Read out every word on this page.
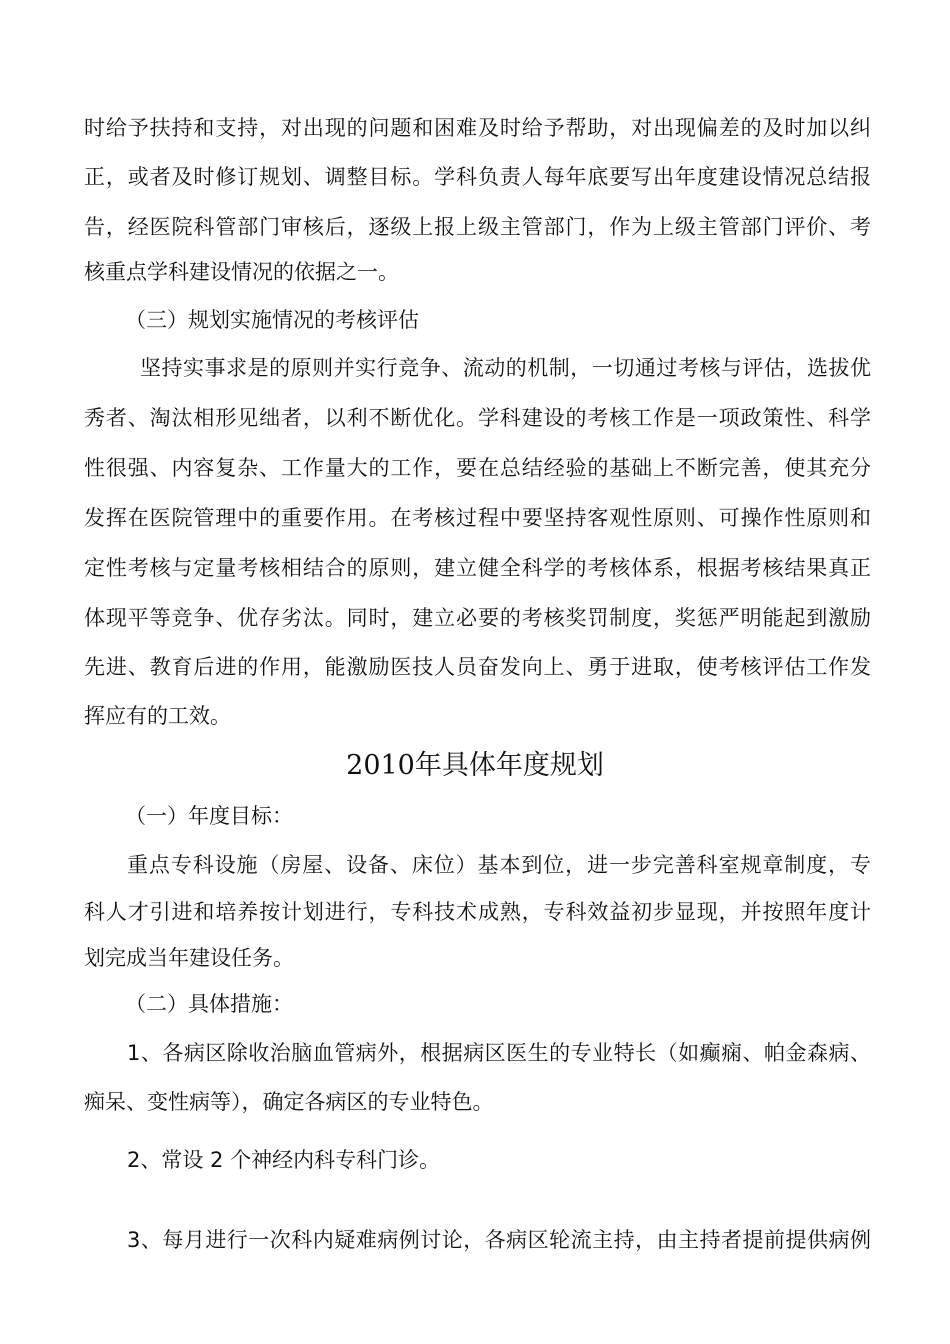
时给予扶持和支持，对出现的问题和困难及时给予帮助，对出现偏差的及时加以纠
正，或者及时修订规划、调整目标。学科负责人每年底要写出年度建设情况总结报
告，经医院科管部门审核后，逐级上报上级主管部门，作为上级主管部门评价、考
核重点学科建设情况的依据之一。
（三）规划实施情况的考核评估
坚持实事求是的原则并实行竞争、流动的机制，一切通过考核与评估，选拔优
秀者、淘汰相形见绌者，以利不断优化。学科建设的考核工作是一项政策性、科学
性很强、内容复杂、工作量大的工作，要在总结经验的基础上不断完善，使其充分
发挥在医院管理中的重要作用。在考核过程中要坚持客观性原则、可操作性原则和
定性考核与定量考核相结合的原则，建立健全科学的考核体系，根据考核结果真正
体现平等竞争、优存劣汰。同时，建立必要的考核奖罚制度，奖惩严明能起到激励
先进、教育后进的作用，能激励医技人员奋发向上、勇于进取，使考核评估工作发
挥应有的工效。
2010年具体年度规划
（一）年度目标：
重点专科设施（房屋、设备、床位）基本到位，进一步完善科室规章制度，专
科人才引进和培养按计划进行，专科技术成熟，专科效益初步显现，并按照年度计
划完成当年建设任务。
（二）具体措施：
1、各病区除收治脑血管病外，根据病区医生的专业特长（如癫痫、帕金森病、
痴呆、变性病等），确定各病区的专业特色。
2、常设 2 个神经内科专科门诊。
3、每月进行一次科内疑难病例讨论，各病区轮流主持，由主持者提前提供病例
